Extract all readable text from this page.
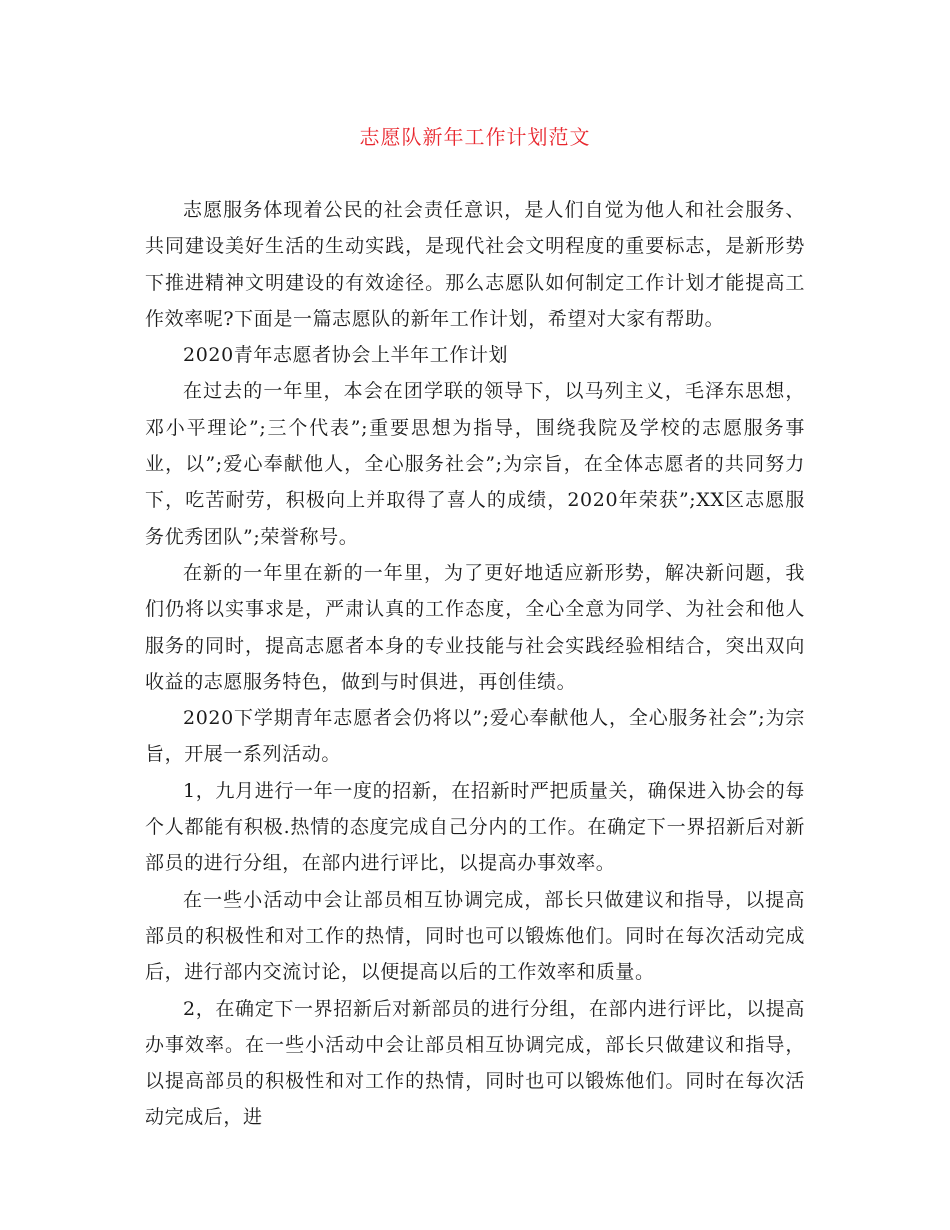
志愿队新年工作计划范文

志愿服务体现着公民的社会责任意识，是人们自觉为他人和社会服务、共同建设美好生活的生动实践，是现代社会文明程度的重要标志，是新形势下推进精神文明建设的有效途径。那么志愿队如何制定工作计划才能提高工作效率呢?下面是一篇志愿队的新年工作计划，希望对大家有帮助。

2020青年志愿者协会上半年工作计划

在过去的一年里，本会在团学联的领导下，以马列主义，毛泽东思想，邓小平理论”;三个代表”;重要思想为指导，围绕我院及学校的志愿服务事业，以”;爱心奉献他人，全心服务社会”;为宗旨，在全体志愿者的共同努力下，吃苦耐劳，积极向上并取得了喜人的成绩，2020年荣获”;XX区志愿服务优秀团队”;荣誉称号。

在新的一年里在新的一年里，为了更好地适应新形势，解决新问题，我们仍将以实事求是，严肃认真的工作态度，全心全意为同学、为社会和他人服务的同时，提高志愿者本身的专业技能与社会实践经验相结合，突出双向收益的志愿服务特色，做到与时俱进，再创佳绩。

2020下学期青年志愿者会仍将以”;爱心奉献他人，全心服务社会”;为宗旨，开展一系列活动。

1，九月进行一年一度的招新，在招新时严把质量关，确保进入协会的每个人都能有积极.热情的态度完成自己分内的工作。在确定下一界招新后对新部员的进行分组，在部内进行评比，以提高办事效率。

在一些小活动中会让部员相互协调完成，部长只做建议和指导，以提高部员的积极性和对工作的热情，同时也可以锻炼他们。同时在每次活动完成后，进行部内交流讨论，以便提高以后的工作效率和质量。

2，在确定下一界招新后对新部员的进行分组，在部内进行评比，以提高办事效率。在一些小活动中会让部员相互协调完成，部长只做建议和指导，以提高部员的积极性和对工作的热情，同时也可以锻炼他们。同时在每次活动完成后，进
